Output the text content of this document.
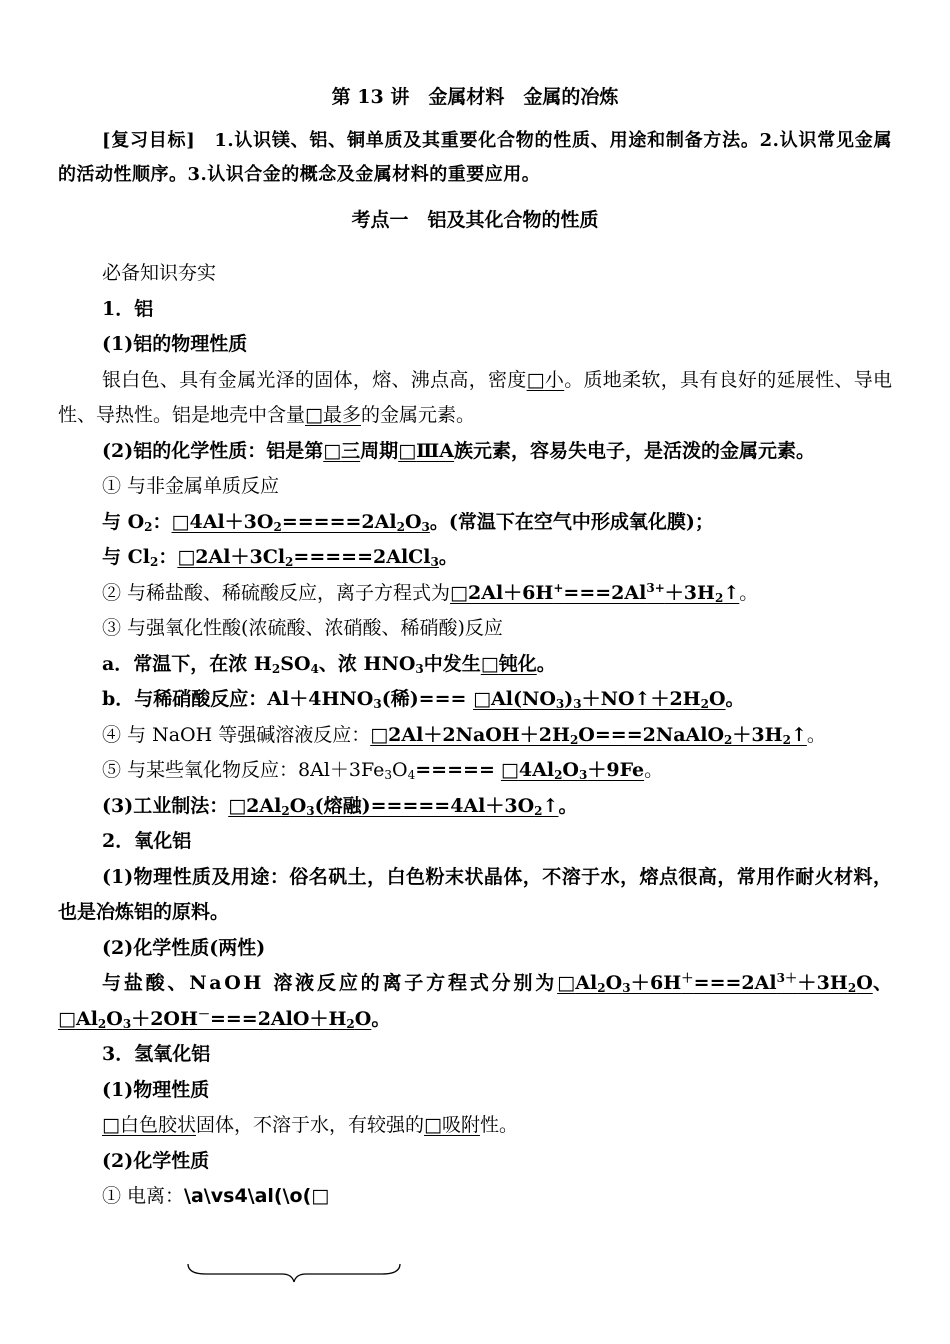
第 13 讲　金属材料　金属的冶炼

[复习目标]　1.认识镁、铝、铜单质及其重要化合物的性质、用途和制备方法。2.认识常见金属的活动性顺序。3.认识合金的概念及金属材料的重要应用。

考点一　铝及其化合物的性质

必备知识夯实

1．铝

(1)铝的物理性质

银白色、具有金属光泽的固体，熔、沸点高，密度□小。质地柔软，具有良好的延展性、导电性、导热性。铝是地壳中含量□最多的金属元素。

(2)铝的化学性质：铝是第□三周期□ⅢA族元素，容易失电子，是活泼的金属元素。

① 与非金属单质反应

与 $O_2$：$□4Al+3O_2=====2Al_2O_3$。(常温下在空气中形成氧化膜)；

与 $Cl_2$：$□2Al+3Cl_2=====2AlCl_3$。

② 与稀盐酸、稀硫酸反应，离子方程式为$□2Al+6H^+===2Al^{3+}+3H_2↑$。

③ 与强氧化性酸(浓硫酸、浓硝酸、稀硝酸)反应

a．常温下，在浓 $H_2SO_4$、浓 $HNO_3$中发生□钝化。

b．与稀硝酸反应：$Al+4HNO_3$(稀)=== $□Al(NO_3)_3+NO↑+2H_2O$。

④ 与 NaOH 等强碱溶液反应：$□2Al+2NaOH+2H_2O===2NaAlO_2+3H_2↑$。

⑤ 与某些氧化物反应：$8Al+3Fe_3O_4=====$ $□4Al_2O_3+9Fe$。

(3)工业制法：$□2Al_2O_3$(熔融)$=====4Al+3O_2↑$。

2．氧化铝

(1)物理性质及用途：俗名矾土，白色粉末状晶体，不溶于水，熔点很高，常用作耐火材料，也是冶炼铝的原料。

(2)化学性质(两性)

与盐酸、NaOH 溶液反应的离子方程式分别为$□Al_2O_3+6H^+===2Al^{3+}+3H_2O$、$□Al_2O_3+2OH^-===2AlO+H_2O$。

3．氢氧化铝

(1)物理性质

□白色胶状固体，不溶于水，有较强的□吸附性。

(2)化学性质

① 电离：\a\vs4\al(\o(□
